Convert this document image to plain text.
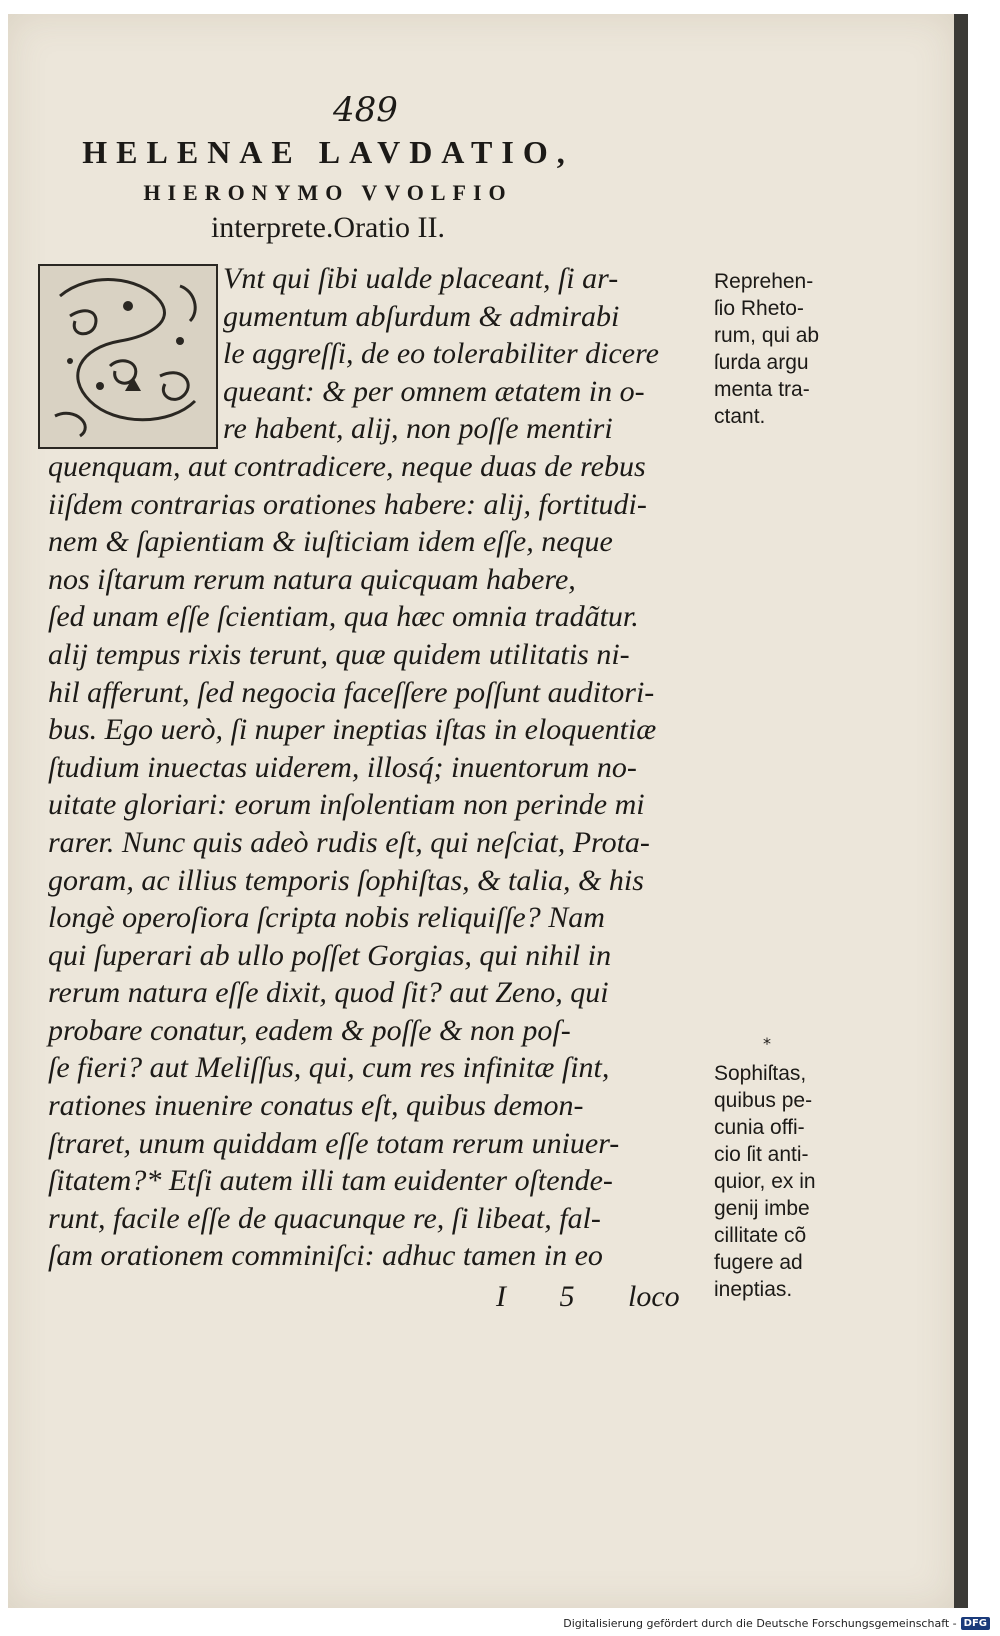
489
HELENAE LAVDATIO,
HIERONYMO VVOLFIO
interprete.Oratio II.
Vnt qui ſibi ualde placeant, ſi ar-
gumentum abſurdum & admirabi
le aggreſſi, de eo tolerabiliter dicere
queant: & per omnem ætatem in o-
re habent, alij, non poſſe mentiri
quenquam, aut contradicere, neque duas de rebus
iiſdem contrarias orationes habere: alij, fortitudi-
nem & ſapientiam & iuſticiam idem eſſe, neque
nos iſtarum rerum natura quicquam habere,
ſed unam eſſe ſcientiam, qua hæc omnia tradãtur.
alij tempus rixis terunt, quæ quidem utilitatis ni-
hil afferunt, ſed negocia faceſſere poſſunt auditori-
bus. Ego uerò, ſi nuper ineptias iſtas in eloquentiæ
ſtudium inuectas uiderem, illosq́; inuentorum no-
uitate gloriari: eorum inſolentiam non perinde mi
rarer. Nunc quis adeò rudis eſt, qui neſciat, Prota-
goram, ac illius temporis ſophiſtas, & talia, & his
longè operoſiora ſcripta nobis reliquiſſe? Nam
qui ſuperari ab ullo poſſet Gorgias, qui nihil in
rerum natura eſſe dixit, quod ſit? aut Zeno, qui
probare conatur, eadem & poſſe & non poſ-
ſe fieri? aut Meliſſus, qui, cum res infinitæ ſint,
rationes inuenire conatus eſt, quibus demon-
ſtraret, unum quiddam eſſe totam rerum uniuer-
ſitatem?* Etſi autem illi tam euidenter oſtende-
runt, facile eſſe de quacunque re, ſi libeat, fal-
ſam orationem comminiſci: adhuc tamen in eo
I 5 loco
Reprehen-
ſio Rheto-
rum, qui ab
ſurda argu
menta tra-
ctant.
*
Sophiſtas,
quibus pe-
cunia offi-
cio ſit anti-
quior, ex in
genij imbe
cillitate cõ
fugere ad
ineptias.
Digitalisierung gefördert durch die Deutsche Forschungsgemeinschaft - DFG
